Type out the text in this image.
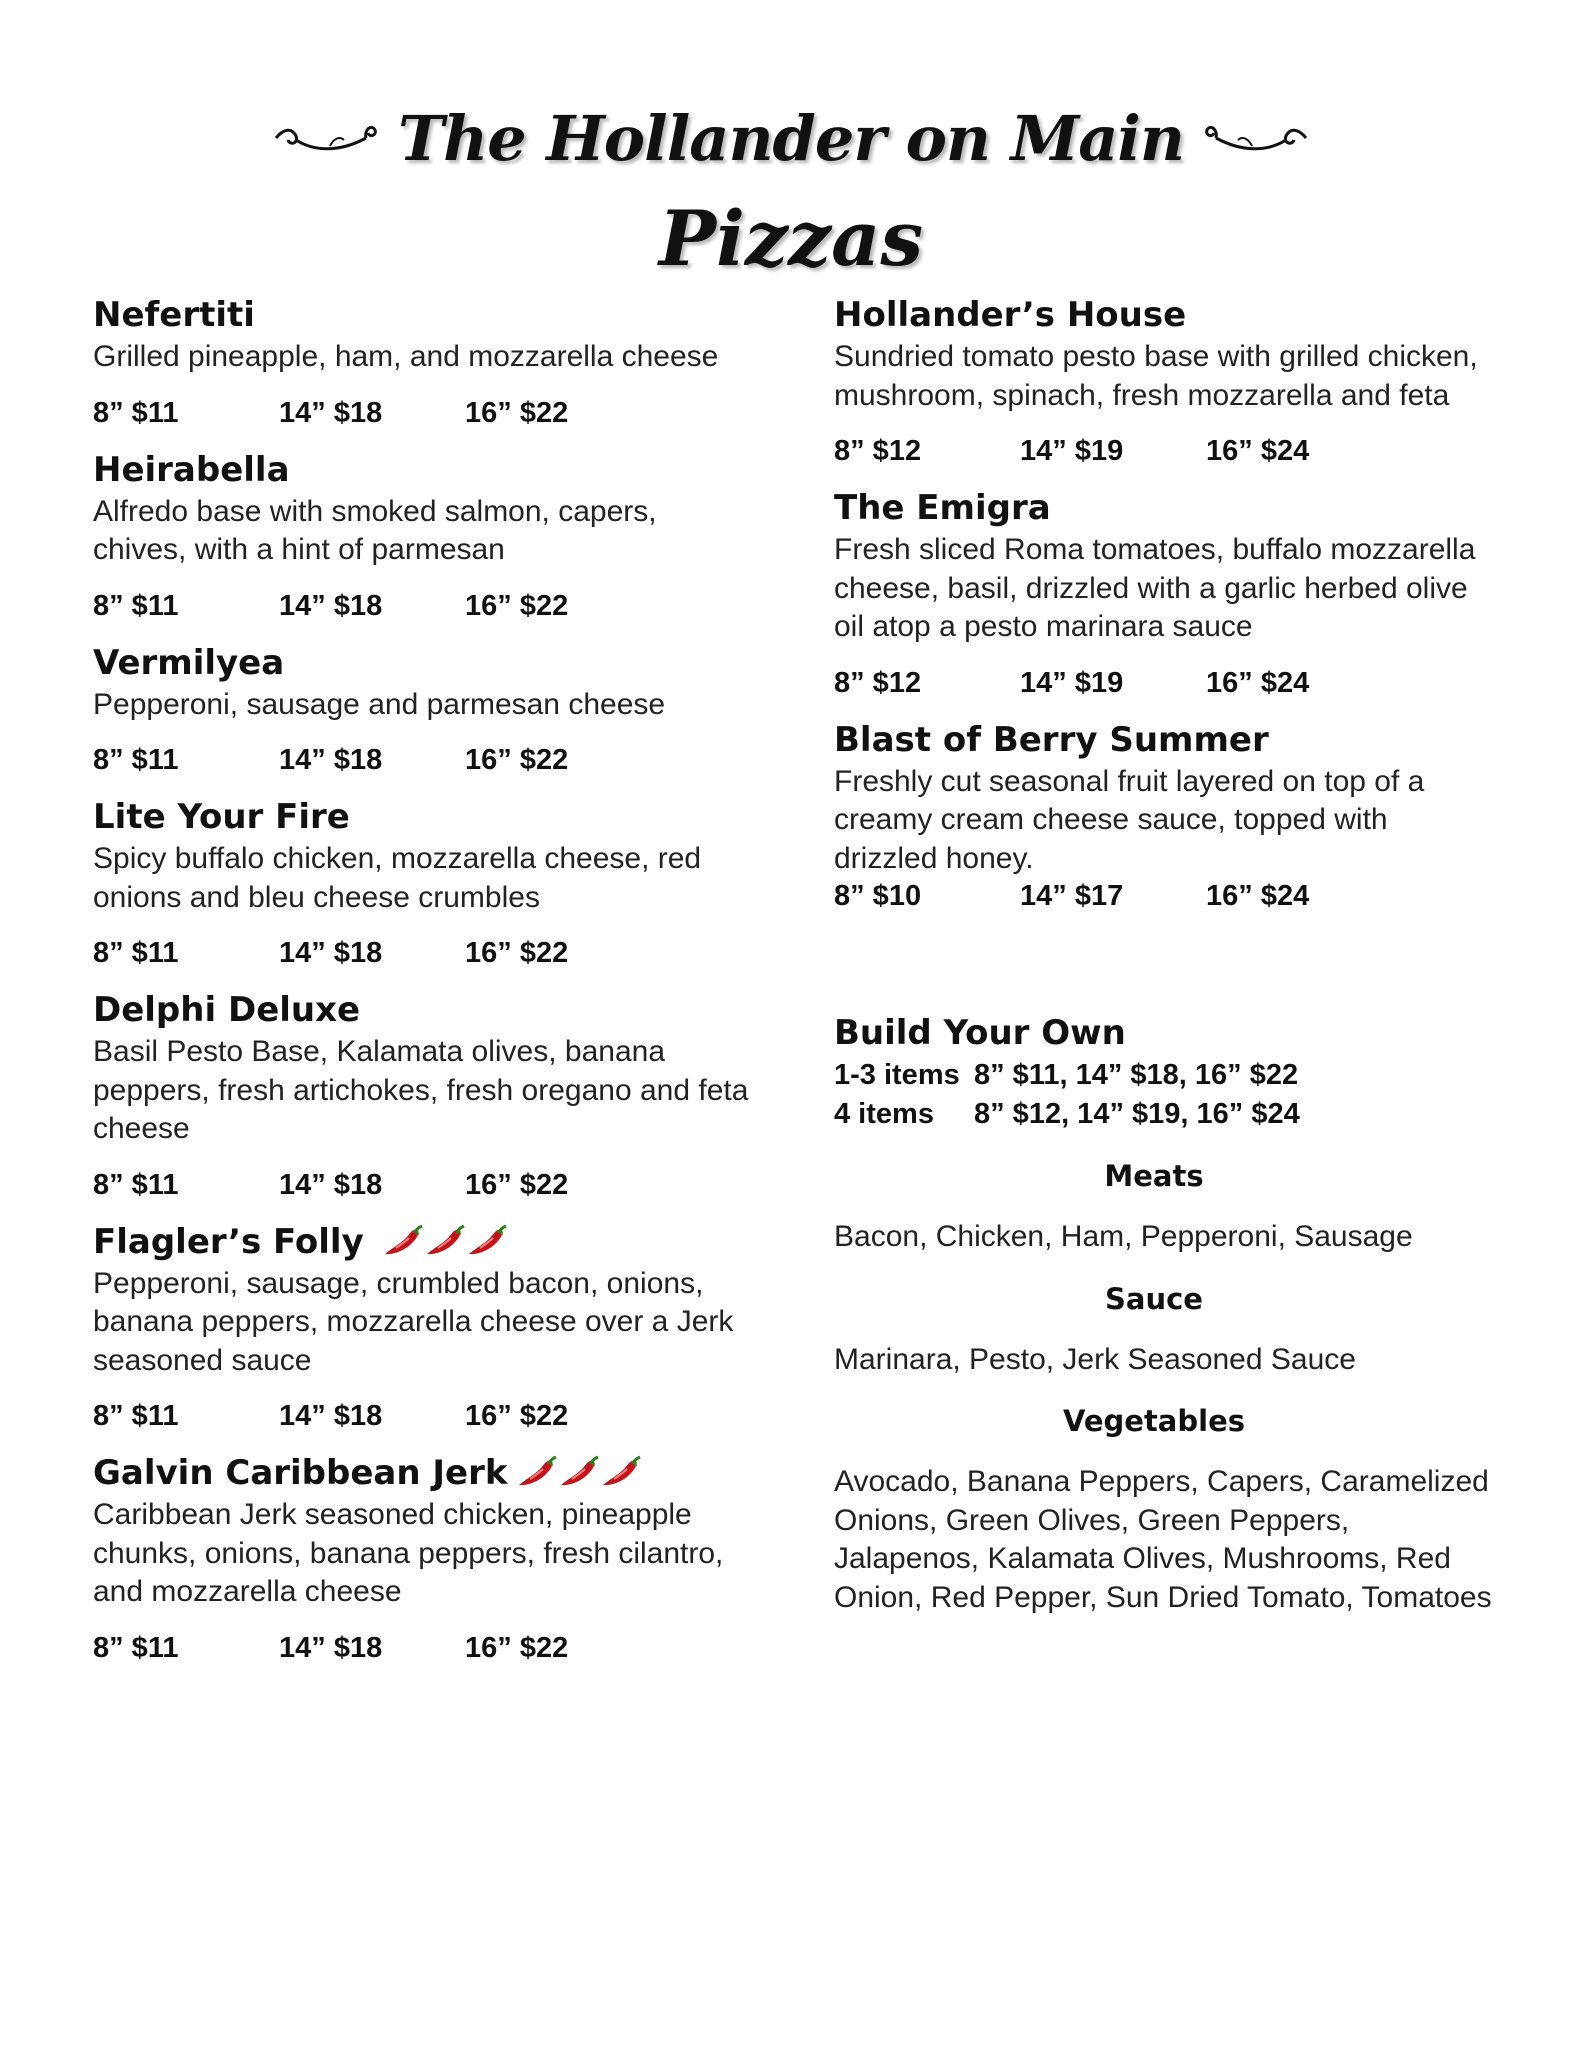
The Hollander on Main
Pizzas
Nefertiti
Grilled pineapple, ham, and mozzarella cheese
8” $11	14” $18	16” $22
Heirabella
Alfredo base with smoked salmon, capers, chives, with a hint of parmesan
8” $11	14” $18	16” $22
Vermilyea
Pepperoni, sausage and parmesan cheese
8” $11	14” $18	16” $22
Lite Your Fire
Spicy buffalo chicken, mozzarella cheese, red onions and bleu cheese crumbles
8” $11	14” $18	16” $22
Delphi Deluxe
Basil Pesto Base, Kalamata olives, banana peppers, fresh artichokes, fresh oregano and feta cheese
8” $11	14” $18	16” $22
Flagler’s Folly
Pepperoni, sausage, crumbled bacon, onions, banana peppers, mozzarella cheese over a Jerk seasoned sauce
8” $11	14” $18	16” $22
Galvin Caribbean Jerk
Caribbean Jerk seasoned chicken, pineapple chunks, onions, banana peppers, fresh cilantro, and mozzarella cheese
8” $11	14” $18	16” $22
Hollander’s House
Sundried tomato pesto base with grilled chicken, mushroom, spinach, fresh mozzarella and feta
8” $12	14” $19	16” $24
The Emigra
Fresh sliced Roma tomatoes, buffalo mozzarella cheese, basil, drizzled with a garlic herbed olive oil atop a pesto marinara sauce
8” $12	14” $19	16” $24
Blast of Berry Summer
Freshly cut seasonal fruit layered on top of a creamy cream cheese sauce, topped with drizzled honey.
8” $10	14” $17	16” $24
Build Your Own
1-3 items 8” $11, 14” $18, 16” $22
4 items	8” $12, 14” $19, 16” $24
Meats
Bacon, Chicken, Ham, Pepperoni, Sausage
Sauce
Marinara, Pesto, Jerk Seasoned Sauce
Vegetables
Avocado, Banana Peppers, Capers, Caramelized Onions, Green Olives, Green Peppers, Jalapenos, Kalamata Olives, Mushrooms, Red Onion, Red Pepper, Sun Dried Tomato, Tomatoes
